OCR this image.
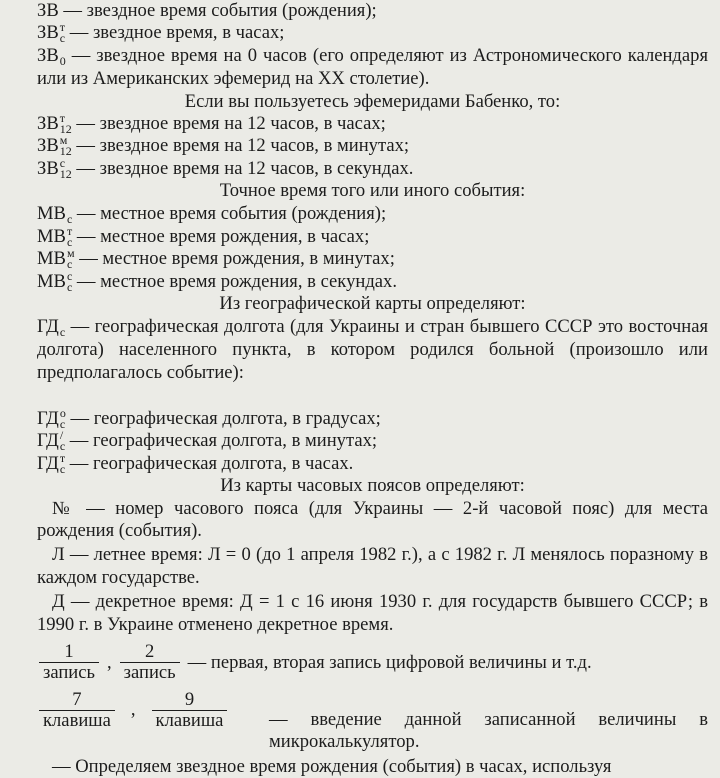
ЗВ — звездное время события (рождения);
ЗВ т
с — звездное время, в часах;
$ЗВ_0$ — звездное время на 0 часов (его определяют из Астрономического календаря или из Американских эфемерид на XX столетие).
Если вы пользуетесь эфемеридами Бабенко, то:
ЗВ т
12 — звездное время на 12 часов, в часах;
ЗВ м
12 — звездное время на 12 часов, в минутах;
ЗВ с
12 — звездное время на 12 часов, в секундах.
Точное время того или иного события:
$МВ_с$ — местное время события (рождения);
МВ т
с — местное время рождения, в часах;
МВ м
с — местное время рождения, в минутах;
МВ с
с — местное время рождения, в секундах.
Из географической карты определяют:
$ГД_с$ — географическая долгота (для Украины и стран бывшего СССР это восточная долгота) населенного пункта, в котором родился больной (произошло или предполагалось событие):
ГД о
с — географическая долгота, в градусах;
ГД /
с — географическая долгота, в минутах;
ГД т
с — географическая долгота, в часах.
Из карты часовых поясов определяют:
№ — номер часового пояса (для Украины — 2-й часовой пояс) для места рождения (события).
Л — летнее время: Л = 0 (до 1 апреля 1982 г.), а с 1982 г. Л менялось поразному в каждом государстве.
Д — декретное время: Д = 1 с 16 июня 1930 г. для государств бывшего СССР; в 1990 г. в Украине отменено декретное время.
$\frac{1}{\text{запись}}$ , $\frac{2}{\text{запись}}$ — первая, вторая запись цифровой величины и т.д.
$\frac{7}{\text{клавиша}}$ , $\frac{9}{\text{клавиша}}$	— введение данной записанной величины в микрокалькулятор.
— Определяем звездное время рождения (события) в часах, используя
